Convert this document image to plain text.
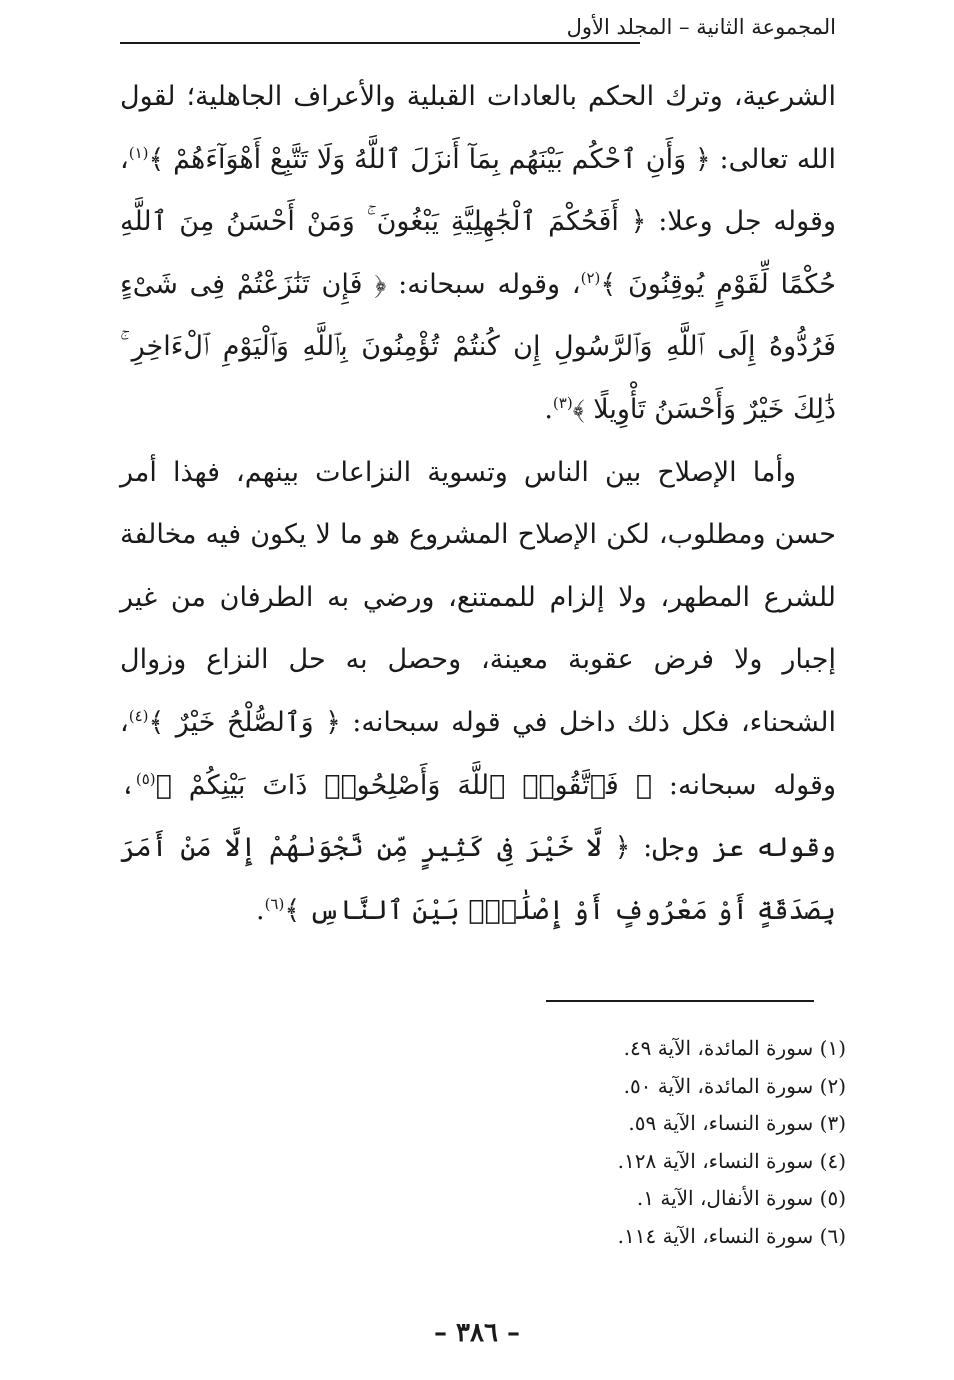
المجموعة الثانية – المجلد الأول

الشرعية، وترك الحكم بالعادات القبلية والأعراف الجاهلية؛ لقول الله تعالى: ﴿ وَأَنِ ٱحْكُم بَيْنَهُم بِمَآ أَنزَلَ ٱللَّهُ وَلَا تَتَّبِعْ أَهْوَآءَهُمْ ﴾$^{(١)}$، وقوله جل وعلا: ﴿ أَفَحُكْمَ ٱلْجَٰهِلِيَّةِ يَبْغُونَ ۚ وَمَنْ أَحْسَنُ مِنَ ٱللَّهِ حُكْمًا لِّقَوْمٍ يُوقِنُونَ ﴾$^{(٢)}$، وقوله سبحانه: ﴿ فَإِن تَنَٰزَعْتُمْ فِى شَىْءٍ فَرُدُّوهُ إِلَى ٱللَّهِ وَٱلرَّسُولِ إِن كُنتُمْ تُؤْمِنُونَ بِٱللَّهِ وَٱلْيَوْمِ ٱلْءَاخِرِ ۚ ذَٰلِكَ خَيْرٌ وَأَحْسَنُ تَأْوِيلًا ﴾$^{(٣)}$.

وأما الإصلاح بين الناس وتسوية النزاعات بينهم، فهذا أمر حسن ومطلوب، لكن الإصلاح المشروع هو ما لا يكون فيه مخالفة للشرع المطهر، ولا إلزام للممتنع، ورضي به الطرفان من غير إجبار ولا فرض عقوبة معينة، وحصل به حل النزاع وزوال الشحناء، فكل ذلك داخل في قوله سبحانه: ﴿ وَٱلصُّلْحُ خَيْرٌ ﴾$^{(٤)}$، وقوله سبحانه: ﴿ فَٱتَّقُوا۟ ٱللَّهَ وَأَصْلِحُوا۟ ذَاتَ بَيْنِكُمْ ﴾$^{(٥)}$، وقوله عز وجل: ﴿ لَّا خَيْرَ فِى كَثِيرٍ مِّن نَّجْوَىٰهُمْ إِلَّا مَنْ أَمَرَ بِصَدَقَةٍ أَوْ مَعْرُوفٍ أَوْ إِصْلَٰحٍۭ بَيْنَ ٱلنَّاسِ ﴾$^{(٦)}$.

(١) سورة المائدة، الآية ٤٩.
(٢) سورة المائدة، الآية ٥٠.
(٣) سورة النساء، الآية ٥٩.
(٤) سورة النساء، الآية ١٢٨.
(٥) سورة الأنفال، الآية ١.
(٦) سورة النساء، الآية ١١٤.
– ٣٨٦ –
